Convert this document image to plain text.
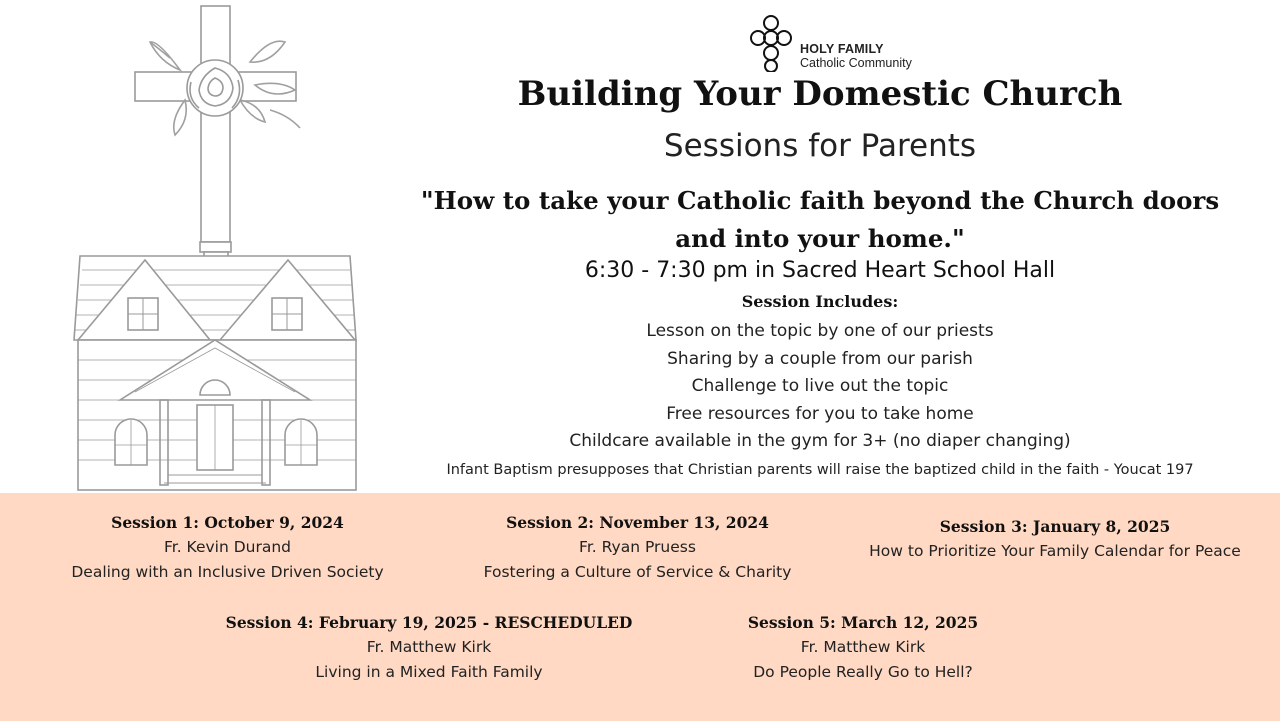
HOLY FAMILY
Catholic Community
Building Your Domestic Church
Sessions for Parents
"How to take your Catholic faith beyond the Church doors
and into your home."
6:30 - 7:30 pm in Sacred Heart School Hall
Session Includes:
Lesson on the topic by one of our priests
Sharing by a couple from our parish
Challenge to live out the topic
Free resources for you to take home
Childcare available in the gym for 3+ (no diaper changing)
Infant Baptism presupposes that Christian parents will raise the baptized child in the faith - Youcat 197
Session 1: October 9, 2024
Fr. Kevin Durand
Dealing with an Inclusive Driven Society
Session 2: November 13, 2024
Fr. Ryan Pruess
Fostering a Culture of Service & Charity
Session 3: January 8, 2025
How to Prioritize Your Family Calendar for Peace
Session 4: February 19, 2025 - RESCHEDULED
Fr. Matthew Kirk
Living in a Mixed Faith Family
Session 5: March 12, 2025
Fr. Matthew Kirk
Do People Really Go to Hell?
